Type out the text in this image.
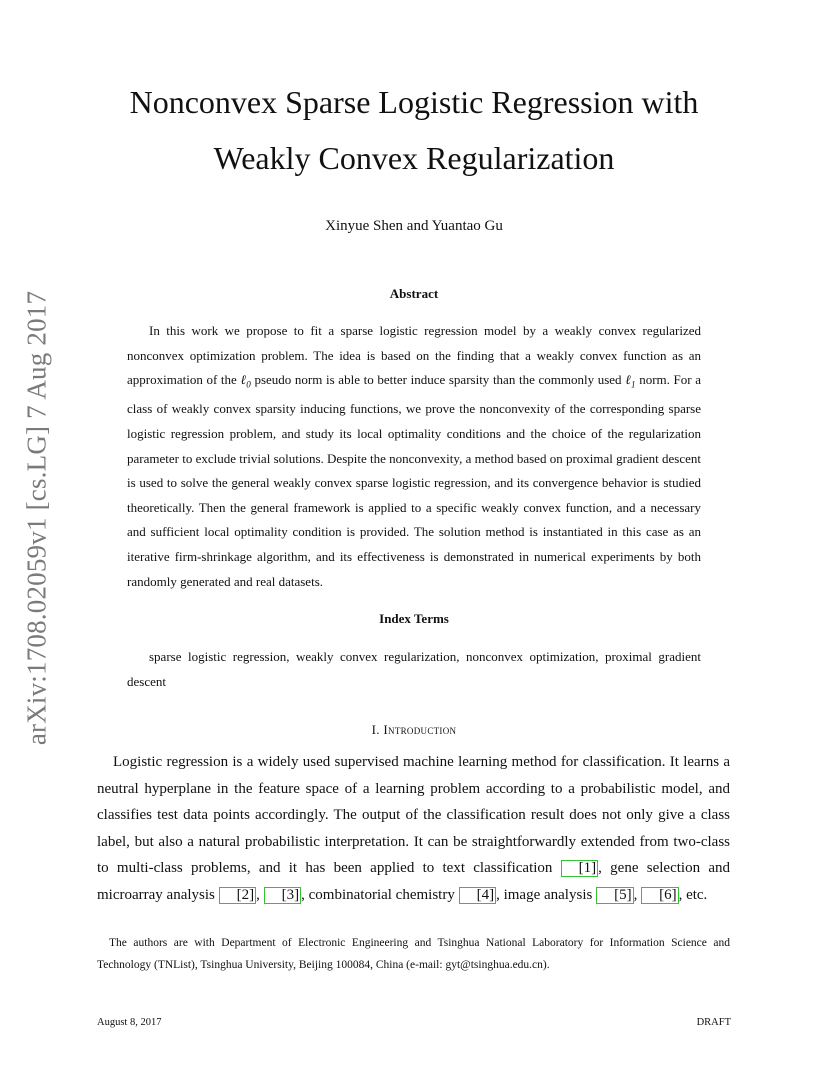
arXiv:1708.02059v1 [cs.LG] 7 Aug 2017
Nonconvex Sparse Logistic Regression with
Weakly Convex Regularization
Xinyue Shen and Yuantao Gu
Abstract

In this work we propose to fit a sparse logistic regression model by a weakly convex regularized nonconvex optimization problem. The idea is based on the finding that a weakly convex function as an approximation of the ℓ$_0$ pseudo norm is able to better induce sparsity than the commonly used ℓ$_1$ norm. For a class of weakly convex sparsity inducing functions, we prove the nonconvexity of the corresponding sparse logistic regression problem, and study its local optimality conditions and the choice of the regularization parameter to exclude trivial solutions. Despite the nonconvexity, a method based on proximal gradient descent is used to solve the general weakly convex sparse logistic regression, and its convergence behavior is studied theoretically. Then the general framework is applied to a specific weakly convex function, and a necessary and sufficient local optimality condition is provided. The solution method is instantiated in this case as an iterative firm-shrinkage algorithm, and its effectiveness is demonstrated in numerical experiments by both randomly generated and real datasets.

Index Terms

sparse logistic regression, weakly convex regularization, nonconvex optimization, proximal gradient descent

I. Introduction

Logistic regression is a widely used supervised machine learning method for classification. It learns a neutral hyperplane in the feature space of a learning problem according to a probabilistic model, and classifies test data points accordingly. The output of the classification result does not only give a class label, but also a natural probabilistic interpretation. It can be straightforwardly extended from two-class to multi-class problems, and it has been applied to text classification [1] , gene selection and microarray analysis [2] , [3] , combinatorial chemistry [4] , image analysis [5] , [6] , etc.

The authors are with Department of Electronic Engineering and Tsinghua National Laboratory for Information Science and Technology (TNList), Tsinghua University, Beijing 100084, China (e-mail: gyt@tsinghua.edu.cn).

August 8, 2017	DRAFT
